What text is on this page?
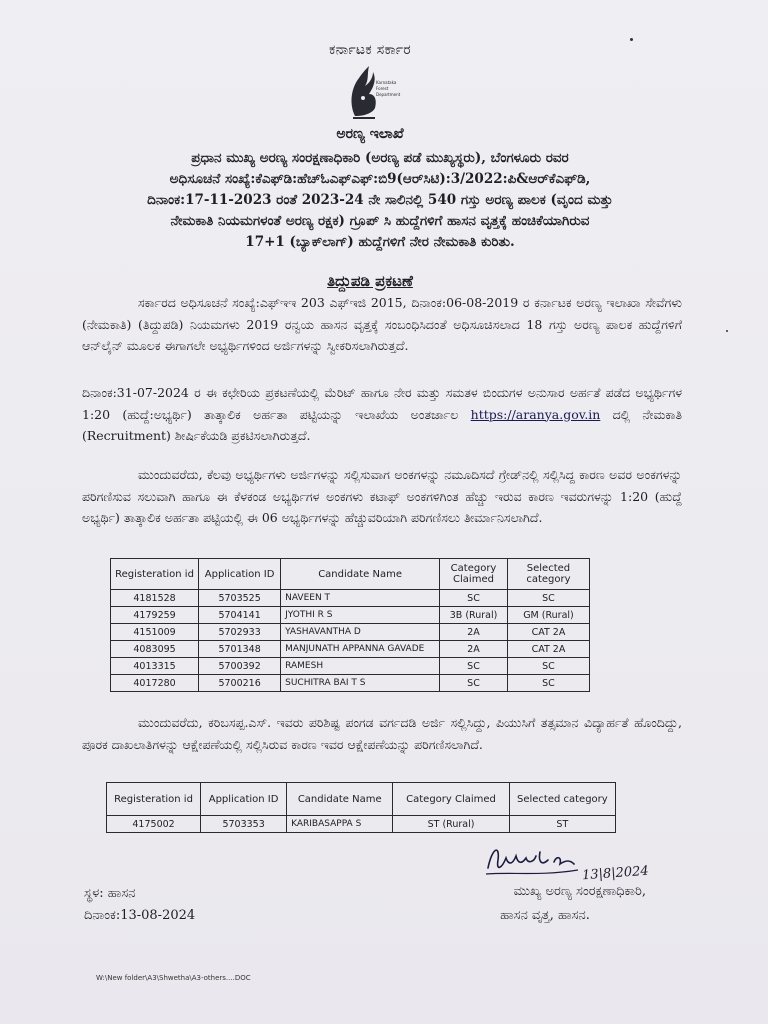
ಕರ್ನಾಟಕ ಸರ್ಕಾರ
Karnataka
Forest
Department
ಅರಣ್ಯ ಇಲಾಖೆ
ಪ್ರಧಾನ ಮುಖ್ಯ ಅರಣ್ಯ ಸಂರಕ್ಷಣಾಧಿಕಾರಿ (ಅರಣ್ಯ ಪಡೆ ಮುಖ್ಯಸ್ಥರು), ಬೆಂಗಳೂರು ರವರ
ಅಧಿಸೂಚನೆ ಸಂಖ್ಯೆ:ಕೆಎಫ್‌ಡಿ:ಹೆಚ್‌ಓಎಫ್‌ಎಫ್:ಬಿ9(ಆರ್‌ಸಿಟಿ):3/2022:ಪಿ&ಆರ್‌ಕೆಎಫ್‌ಡಿ,
ದಿನಾಂಕ:17-11-2023 ರಂತೆ 2023-24 ನೇ ಸಾಲಿನಲ್ಲಿ 540 ಗಸ್ತು ಅರಣ್ಯ ಪಾಲಕ (ವೃಂದ ಮತ್ತು
ನೇಮಕಾತಿ ನಿಯಮಗಳಂತೆ ಅರಣ್ಯ ರಕ್ಷಕ) ಗ್ರೂಪ್ ಸಿ ಹುದ್ದೆಗಳಿಗೆ ಹಾಸನ ವೃತ್ತಕ್ಕೆ ಹಂಚಿಕೆಯಾಗಿರುವ
17+1 (ಬ್ಯಾಕ್‌ಲಾಗ್) ಹುದ್ದೆಗಳಿಗೆ ನೇರ ನೇಮಕಾತಿ ಕುರಿತು.
ತಿದ್ದುಪಡಿ ಪ್ರಕಟಣೆ

ಸರ್ಕಾರದ ಅಧಿಸೂಚನೆ ಸಂಖ್ಯೆ:ಎಫ್‌ಇಇ 203 ಎಫ್‌ಇಜಿ 2015, ದಿನಾಂಕ:06-08-2019 ರ ಕರ್ನಾಟಕ ಅರಣ್ಯ ಇಲಾಖಾ ಸೇವೆಗಳು (ನೇಮಕಾತಿ) (ತಿದ್ದುಪಡಿ) ನಿಯಮಗಳು 2019 ರನ್ವಯ ಹಾಸನ ವೃತ್ತಕ್ಕೆ ಸಂಬಂಧಿಸಿದಂತೆ ಅಧಿಸೂಚಿಸಲಾದ 18 ಗಸ್ತು ಅರಣ್ಯ ಪಾಲಕ ಹುದ್ದೆಗಳಿಗೆ ಆನ್‌ಲೈನ್ ಮೂಲಕ ಈಗಾಗಲೇ ಅಭ್ಯರ್ಥಿಗಳಿಂದ ಅರ್ಜಿಗಳನ್ನು ಸ್ವೀಕರಿಸಲಾಗಿರುತ್ತದೆ.

ದಿನಾಂಕ:31-07-2024 ರ ಈ ಕಛೇರಿಯ ಪ್ರಕಟಣೆಯಲ್ಲಿ ಮೆರಿಟ್ ಹಾಗೂ ನೇರ ಮತ್ತು ಸಮತಳ ಬಿಂದುಗಳ ಅನುಸಾರ ಅರ್ಹತೆ ಪಡೆದ ಅಭ್ಯರ್ಥಿಗಳ 1:20 (ಹುದ್ದೆ:ಅಭ್ಯರ್ಥಿ) ತಾತ್ಕಾಲಿಕ ಅರ್ಹತಾ ಪಟ್ಟಿಯನ್ನು ಇಲಾಖೆಯ ಅಂತರ್ಜಾಲ https://aranya.gov.in ದಲ್ಲಿ ನೇಮಕಾತಿ (Recruitment) ಶೀರ್ಷಿಕೆಯಡಿ ಪ್ರಕಟಿಸಲಾಗಿರುತ್ತದೆ.

ಮುಂದುವರೆದು, ಕೆಲವು ಅಭ್ಯರ್ಥಿಗಳು ಅರ್ಜಿಗಳನ್ನು ಸಲ್ಲಿಸುವಾಗ ಅಂಕಗಳನ್ನು ನಮೂದಿಸದೆ ಗ್ರೇಡ್‌ನಲ್ಲಿ ಸಲ್ಲಿಸಿದ್ದ ಕಾರಣ ಅವರ ಅಂಕಗಳನ್ನು ಪರಿಗಣಿಸುವ ಸಲುವಾಗಿ ಹಾಗೂ ಈ ಕೆಳಕಂಡ ಅಭ್ಯರ್ಥಿಗಳ ಅಂಕಗಳು ಕಟಾಫ್ ಅಂಕಗಳಿಗಿಂತ ಹೆಚ್ಚು ಇರುವ ಕಾರಣ ಇವರುಗಳನ್ನು 1:20 (ಹುದ್ದೆ ಅಭ್ಯರ್ಥಿ) ತಾತ್ಕಾಲಿಕ ಅರ್ಹತಾ ಪಟ್ಟಿಯಲ್ಲಿ ಈ 06 ಅಭ್ಯರ್ಥಿಗಳನ್ನು ಹೆಚ್ಚುವರಿಯಾಗಿ ಪರಿಗಣಿಸಲು ತೀರ್ಮಾನಿಸಲಾಗಿದೆ.

Registeration id	Application ID	Candidate Name	Category Claimed	Selected category
4181528	5703525	NAVEEN T	SC	SC
4179259	5704141	JYOTHI R S	3B (Rural)	GM (Rural)
4151009	5702933	YASHAVANTHA D	2A	CAT 2A
4083095	5701348	MANJUNATH APPANNA GAVADE	2A	CAT 2A
4013315	5700392	RAMESH	SC	SC
4017280	5700216	SUCHITRA BAI T S	SC	SC

ಮುಂದುವರೆದು, ಕರಿಬಸಪ್ಪ.ಎಸ್. ಇವರು ಪರಿಶಿಷ್ಟ ಪಂಗಡ ವರ್ಗದಡಿ ಅರ್ಜಿ ಸಲ್ಲಿಸಿದ್ದು, ಪಿಯುಸಿಗೆ ತತ್ಸಮಾನ ವಿದ್ಯಾರ್ಹತೆ ಹೊಂದಿದ್ದು, ಪೂರಕ ದಾಖಲಾತಿಗಳನ್ನು ಆಕ್ಷೇಪಣೆಯಲ್ಲಿ ಸಲ್ಲಿಸಿರುವ ಕಾರಣ ಇವರ ಆಕ್ಷೇಪಣೆಯನ್ನು ಪರಿಗಣಿಸಲಾಗಿದೆ.

Registeration id	Application ID	Candidate Name	Category Claimed	Selected category
4175002	5703353	KARIBASAPPA S	ST (Rural)	ST
13|8|2024
ಸ್ಥಳ: ಹಾಸನ
ದಿನಾಂಕ:13-08-2024
ಮುಖ್ಯ ಅರಣ್ಯ ಸಂರಕ್ಷಣಾಧಿಕಾರಿ,
ಹಾಸನ ವೃತ್ತ, ಹಾಸನ.
W:\New folder\A3\Shwetha\A3-others....DOC
